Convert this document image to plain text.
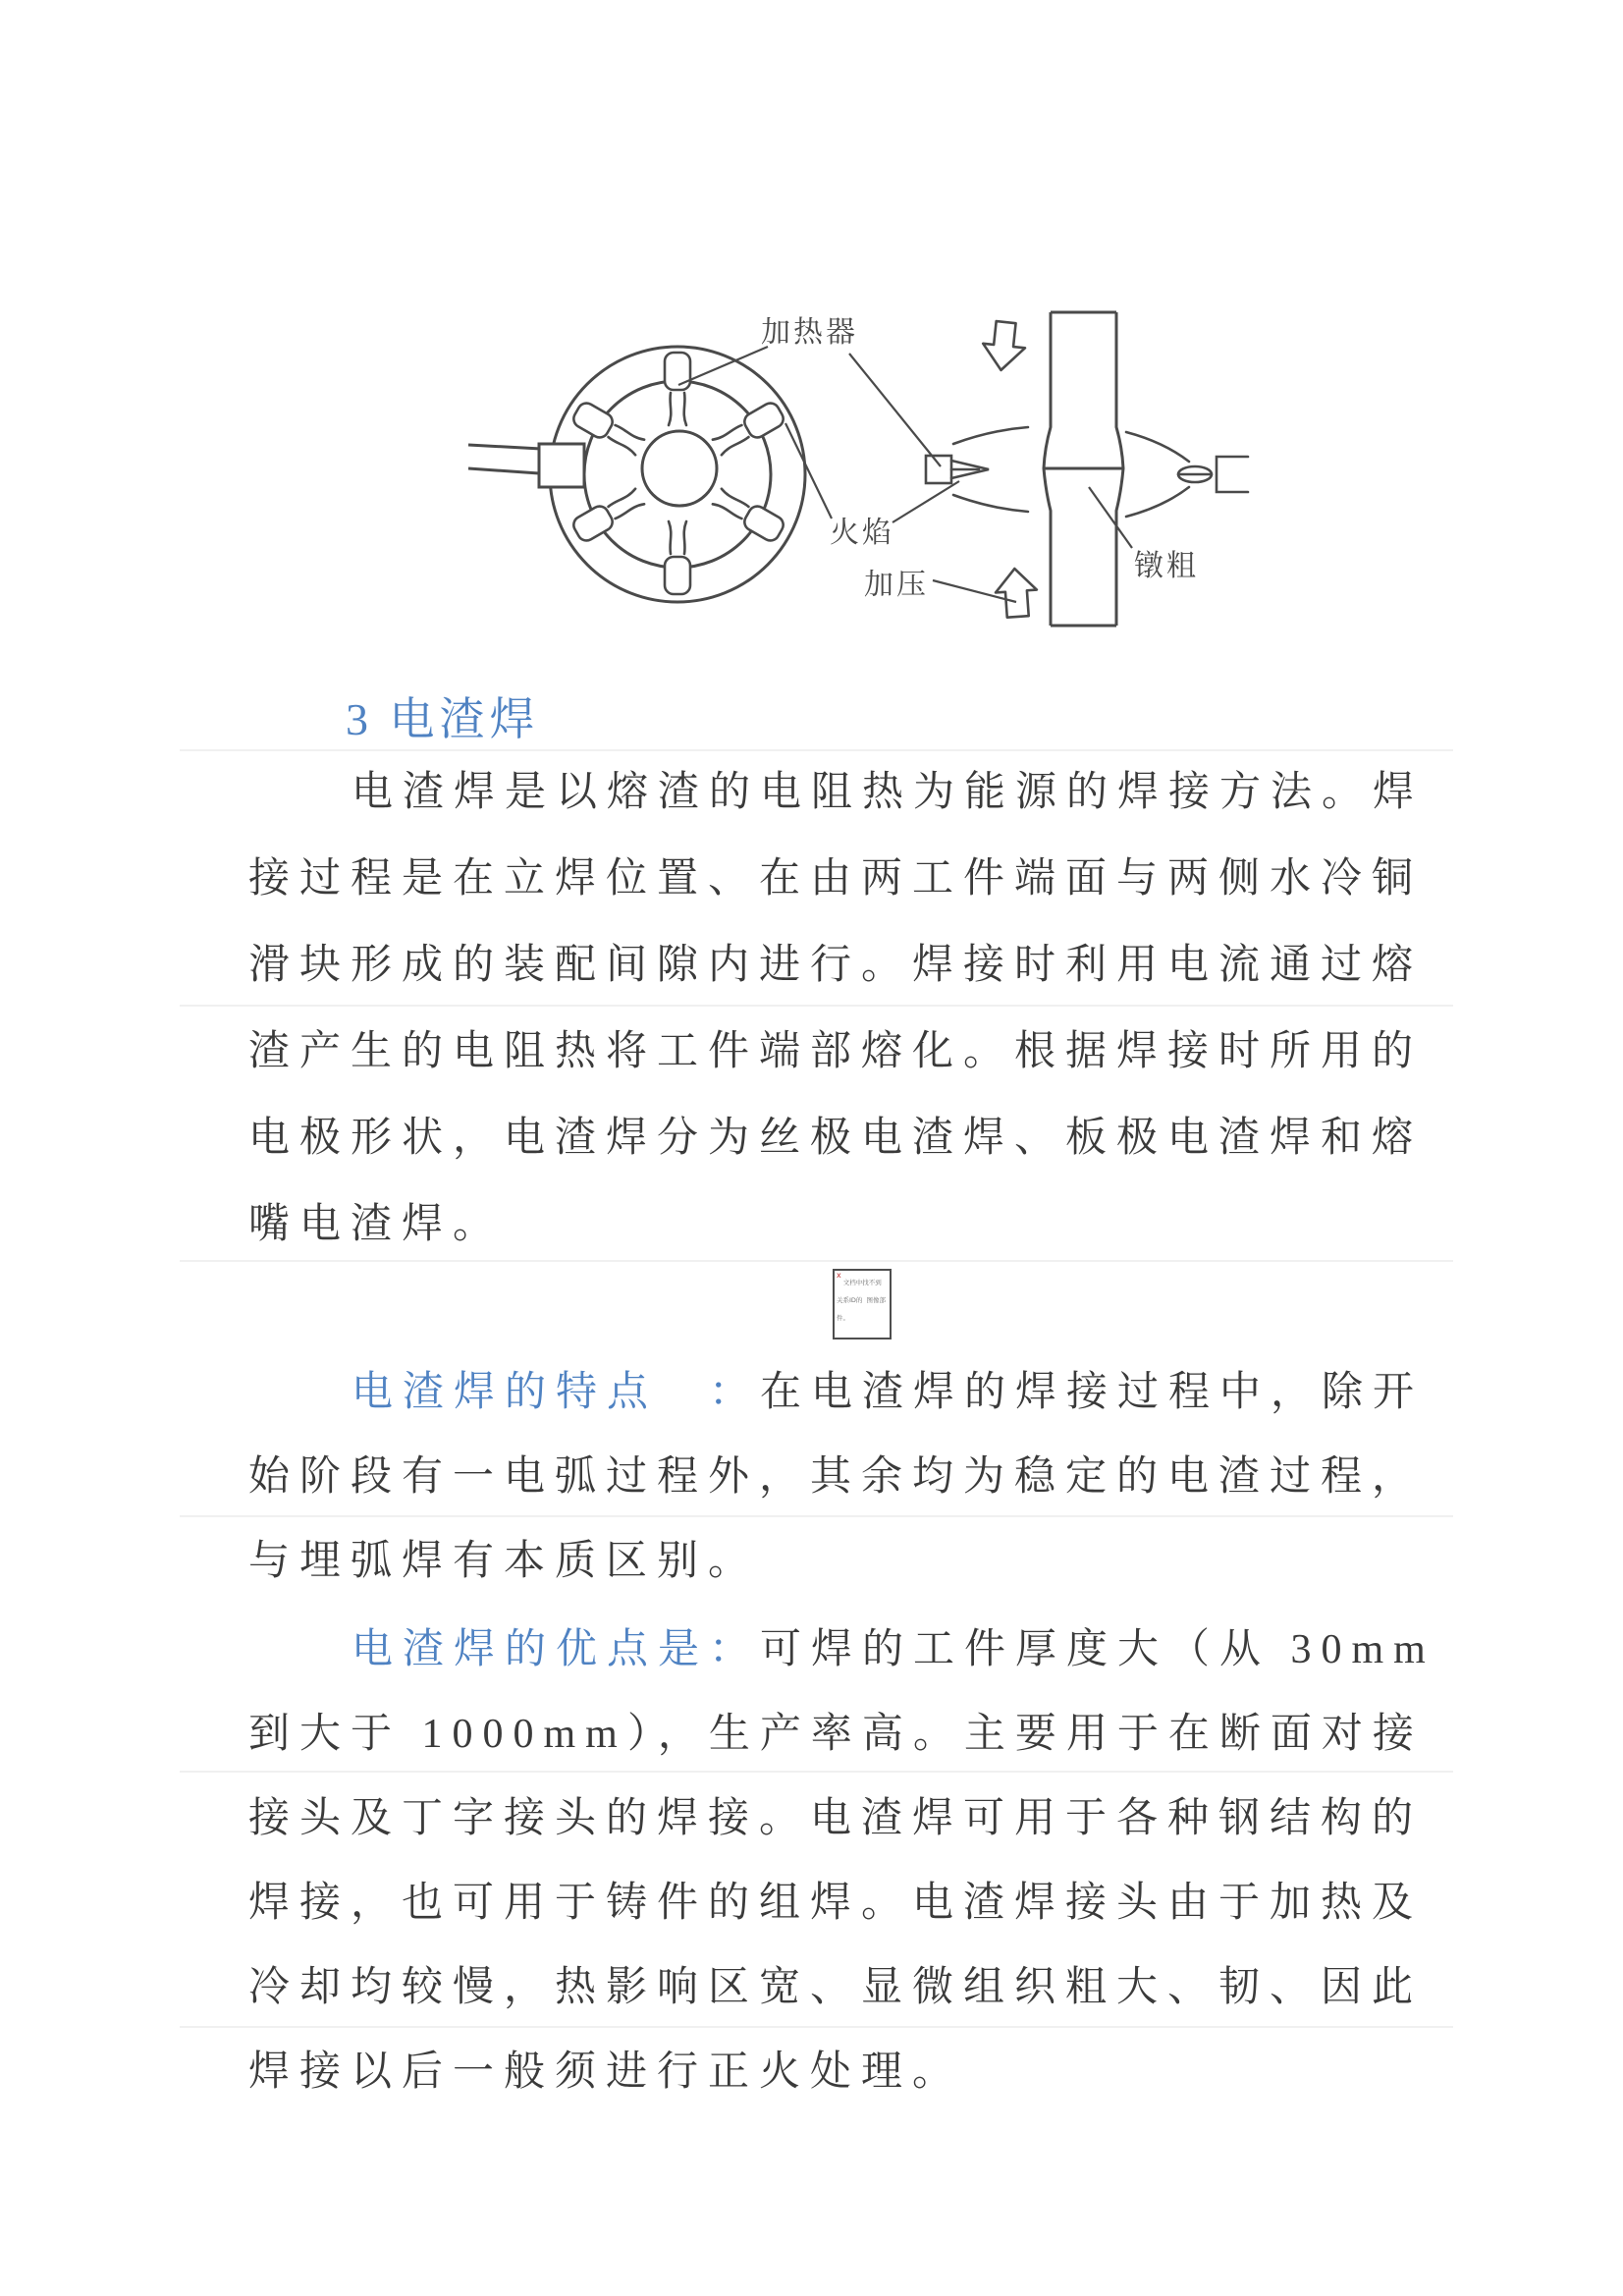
加热器
火焰
加压
镦粗
3 电渣焊
电渣焊是以熔渣的电阻热为能源的焊接方法。焊
接过程是在立焊位置、在由两工件端面与两侧水冷铜
滑块形成的装配间隙内进行。焊接时利用电流通过熔
渣产生的电阻热将工件端部熔化。根据焊接时所用的
电极形状，电渣焊分为丝极电渣焊、板极电渣焊和熔
嘴电渣焊。
电渣焊的特点　：在电渣焊的焊接过程中，除开
始阶段有一电弧过程外，其余均为稳定的电渣过程，
与埋弧焊有本质区别。
电渣焊的优点是：可焊的工件厚度大（从 30mm
到大于 1000mm），生产率高。主要用于在断面对接
接头及丁字接头的焊接。电渣焊可用于各种钢结构的
焊接，也可用于铸件的组焊。电渣焊接头由于加热及
冷却均较慢，热影响区宽、显微组织粗大、韧、因此
焊接以后一般须进行正火处理。
x
文档中找不到关系ID的 图像部件。
